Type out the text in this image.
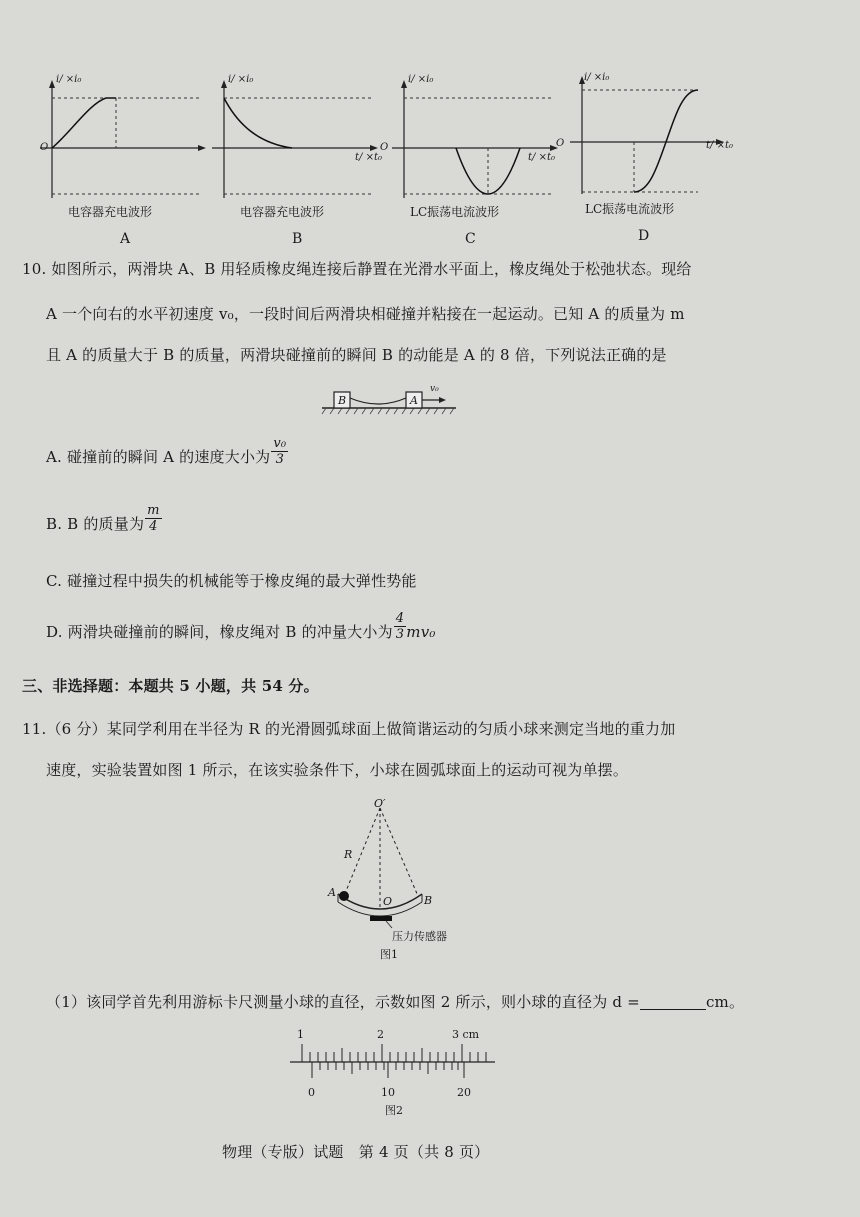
i/ ×i₀
O
电容器充电波形
A
i/ ×i₀
t/ ×t₀
电容器充电波形
B
i/ ×i₀
O
t/ ×t₀
LC振荡电流波形
C
i/ ×i₀
O	t/ ×t₀
LC振荡电流波形
D
10. 如图所示，两滑块 A、B 用轻质橡皮绳连接后静置在光滑水平面上，橡皮绳处于松弛状态。现给
A 一个向右的水平初速度 v₀，一段时间后两滑块相碰撞并粘接在一起运动。已知 A 的质量为 m
且 A 的质量大于 B 的质量，两滑块碰撞前的瞬间 B 的动能是 A 的 8 倍，下列说法正确的是
B	A
v₀
A. 碰撞前的瞬间 A 的速度大小为 $\frac{\text{v₀}}{3}$
B. B 的质量为 $\frac{m}{4}$
C. 碰撞过程中损失的机械能等于橡皮绳的最大弹性势能
D. 两滑块碰撞前的瞬间，橡皮绳对 B 的冲量大小为 $\frac{4}{3} mv_0$
三、非选择题：本题共 5 小题，共 54 分。
11.（6 分）某同学利用在半径为 R 的光滑圆弧球面上做简谐运动的匀质小球来测定当地的重力加
速度，实验装置如图 1 所示，在该实验条件下，小球在圆弧球面上的运动可视为单摆。
O′
R
A
O	B
压力传感器
图1
（1）该同学首先利用游标卡尺测量小球的直径，示数如图 2 所示，则小球的直径为 d =	cm。
1	2	3 cm
0	10	20
图2
物理（专版）试题　第 4 页（共 8 页）
